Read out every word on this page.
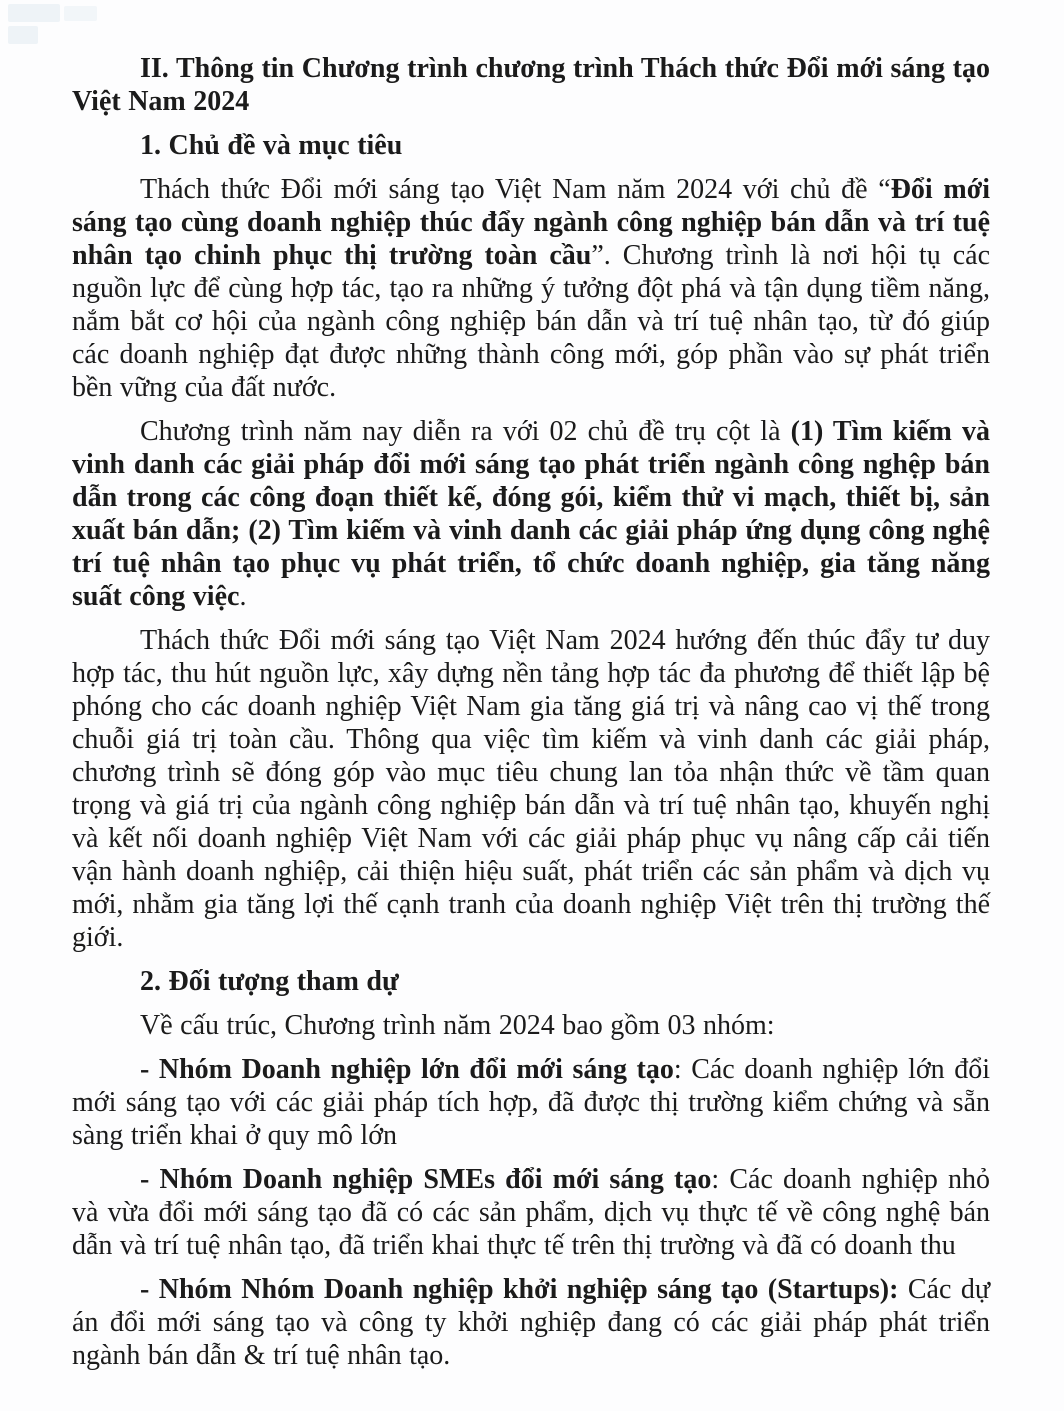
II. Thông tin Chương trình chương trình Thách thức Đổi mới sáng tạo Việt Nam 2024

1. Chủ đề và mục tiêu

Thách thức Đổi mới sáng tạo Việt Nam năm 2024 với chủ đề “Đổi mới sáng tạo cùng doanh nghiệp thúc đẩy ngành công nghiệp bán dẫn và trí tuệ nhân tạo chinh phục thị trường toàn cầu”. Chương trình là nơi hội tụ các nguồn lực để cùng hợp tác, tạo ra những ý tưởng đột phá và tận dụng tiềm năng, nắm bắt cơ hội của ngành công nghiệp bán dẫn và trí tuệ nhân tạo, từ đó giúp các doanh nghiệp đạt được những thành công mới, góp phần vào sự phát triển bền vững của đất nước.

Chương trình năm nay diễn ra với 02 chủ đề trụ cột là (1) Tìm kiếm và vinh danh các giải pháp đổi mới sáng tạo phát triển ngành công nghệp bán dẫn trong các công đoạn thiết kế, đóng gói, kiểm thử vi mạch, thiết bị, sản xuất bán dẫn; (2) Tìm kiếm và vinh danh các giải pháp ứng dụng công nghệ trí tuệ nhân tạo phục vụ phát triển, tổ chức doanh nghiệp, gia tăng năng suất công việc.

Thách thức Đổi mới sáng tạo Việt Nam 2024 hướng đến thúc đẩy tư duy hợp tác, thu hút nguồn lực, xây dựng nền tảng hợp tác đa phương để thiết lập bệ phóng cho các doanh nghiệp Việt Nam gia tăng giá trị và nâng cao vị thế trong chuỗi giá trị toàn cầu. Thông qua việc tìm kiếm và vinh danh các giải pháp, chương trình sẽ đóng góp vào mục tiêu chung lan tỏa nhận thức về tầm quan trọng và giá trị của ngành công nghiệp bán dẫn và trí tuệ nhân tạo, khuyến nghị và kết nối doanh nghiệp Việt Nam với các giải pháp phục vụ nâng cấp cải tiến vận hành doanh nghiệp, cải thiện hiệu suất, phát triển các sản phẩm và dịch vụ mới, nhằm gia tăng lợi thế cạnh tranh của doanh nghiệp Việt trên thị trường thế giới.

2. Đối tượng tham dự

Về cấu trúc, Chương trình năm 2024 bao gồm 03 nhóm:

- Nhóm Doanh nghiệp lớn đổi mới sáng tạo: Các doanh nghiệp lớn đổi mới sáng tạo với các giải pháp tích hợp, đã được thị trường kiểm chứng và sẵn sàng triển khai ở quy mô lớn

- Nhóm Doanh nghiệp SMEs đổi mới sáng tạo: Các doanh nghiệp nhỏ và vừa đổi mới sáng tạo đã có các sản phẩm, dịch vụ thực tế về công nghệ bán dẫn và trí tuệ nhân tạo, đã triển khai thực tế trên thị trường và đã có doanh thu

- Nhóm Nhóm Doanh nghiệp khởi nghiệp sáng tạo (Startups): Các dự án đổi mới sáng tạo và công ty khởi nghiệp đang có các giải pháp phát triển ngành bán dẫn & trí tuệ nhân tạo.
